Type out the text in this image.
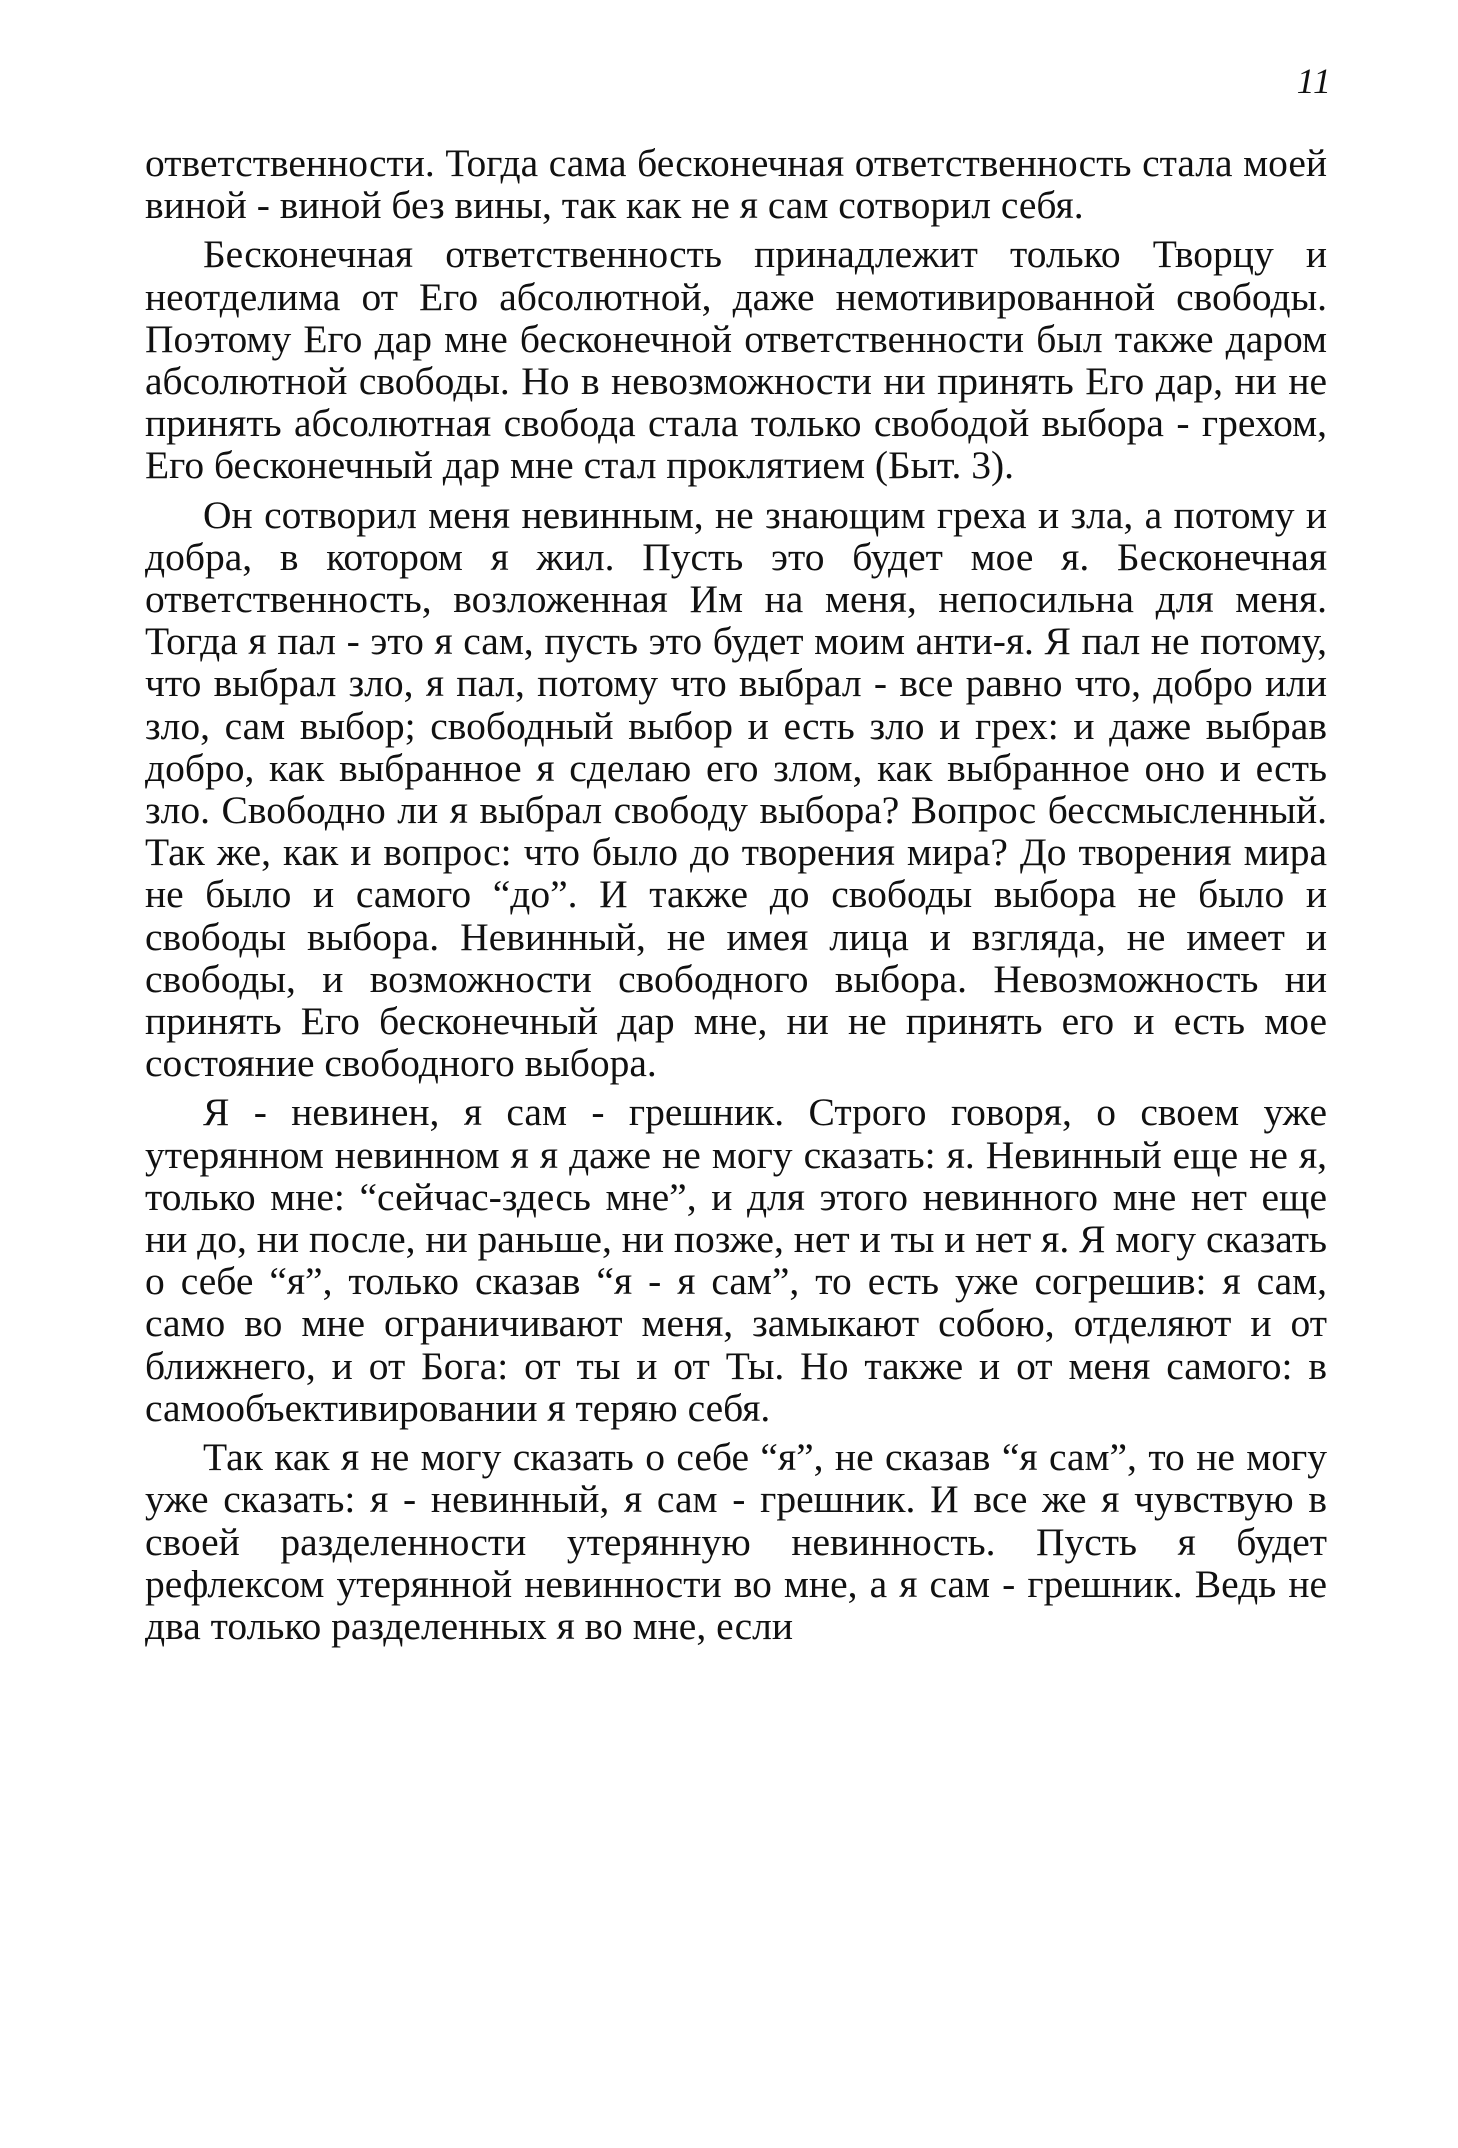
11

ответственности. Тогда сама бесконечная ответственность стала моей виной - виной без вины, так как не я сам сотворил себя.

Бесконечная ответственность принадлежит только Творцу и неотделима от Его абсолютной, даже немотивированной свободы. Поэтому Его дар мне бесконечной ответственности был также даром абсолютной свободы. Но в невозможности ни принять Его дар, ни не принять абсолютная свобода стала только свободой выбора - грехом, Его бесконечный дар мне стал проклятием (Быт. 3).

Он сотворил меня невинным, не знающим греха и зла, а потому и добра, в котором я жил. Пусть это будет мое я. Бесконечная ответственность, возложенная Им на меня, непосильна для меня. Тогда я пал - это я сам, пусть это будет моим анти-я. Я пал не потому, что выбрал зло, я пал, потому что выбрал - все равно что, добро или зло, сам выбор; свободный выбор и есть зло и грех: и даже выбрав добро, как выбранное я сделаю его злом, как выбранное оно и есть зло. Свободно ли я выбрал свободу выбора? Вопрос бессмысленный. Так же, как и вопрос: что было до творения мира? До творения мира не было и самого “до”. И также до свободы выбора не было и свободы выбора. Невинный, не имея лица и взгляда, не имеет и свободы, и возможности свободного выбора. Невозможность ни принять Его бесконечный дар мне, ни не принять его и есть мое состояние свободного выбора.

Я - невинен, я сам - грешник. Строго говоря, о своем уже утерянном невинном я я даже не могу сказать: я. Невинный еще не я, только мне: “сейчас-здесь мне”, и для этого невинного мне нет еще ни до, ни после, ни раньше, ни позже, нет и ты и нет я. Я могу сказать о себе “я”, только сказав “я - я сам”, то есть уже согрешив: я сам, само во мне ограничивают меня, замыкают собою, отделяют и от ближнего, и от Бога: от ты и от Ты. Но также и от меня самого: в самообъективировании я теряю себя.

Так как я не могу сказать о себе “я”, не сказав “я сам”, то не могу уже сказать: я - невинный, я сам - грешник. И все же я чувствую в своей разделенности утерянную невинность. Пусть я будет рефлексом утерянной невинности во мне, а я сам - грешник. Ведь не два только разделенных я во мне, если
